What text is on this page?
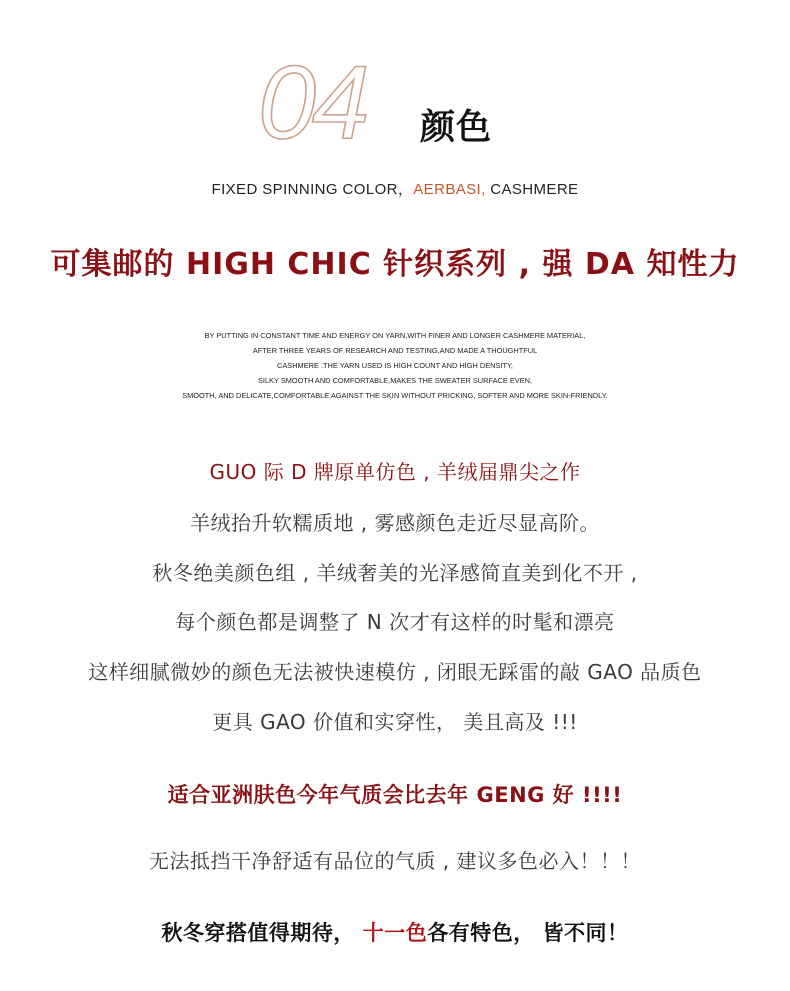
04 颜色
FIXED SPINNING COLOR，AERBASI, CASHMERE
可集邮的 HIGH CHIC 针织系列 , 强 DA 知性力
BY PUTTING IN CONSTANT TIME AND ENERGY ON YARN,WITH FINER AND LONGER CASHMERE MATERIAL,
AFTER THREE YEARS OF RESEARCH AND TESTING,AND MADE A THOUGHTFUL
CASHMERE .THE YARN USED IS HIGH COUNT AND HIGH DENSITY,
SILKY SMOOTH AND COMFORTABLE,MAKES THE SWEATER SURFACE EVEN,
SMOOTH, AND DELICATE,COMFORTABLE AGAINST THE SKIN WITHOUT PRICKING, SOFTER AND MORE SKIN-FRIENDLY.
GUO 际 D 牌原单仿色 , 羊绒届鼎尖之作
羊绒抬升软糯质地 , 雾感颜色走近尽显高阶。
秋冬绝美颜色组 , 羊绒奢美的光泽感简直美到化不开 ,
每个颜色都是调整了 N 次才有这样的时髦和漂亮
这样细腻微妙的颜色无法被快速模仿 , 闭眼无踩雷的敲 GAO 品质色
更具 GAO 价值和实穿性， 美且高及 !!!
适合亚洲肤色今年气质会比去年 GENG 好 !!!!
无法抵挡干净舒适有品位的气质 , 建议多色必入！！！
秋冬穿搭值得期待， 十一色各有特色， 皆不同！
